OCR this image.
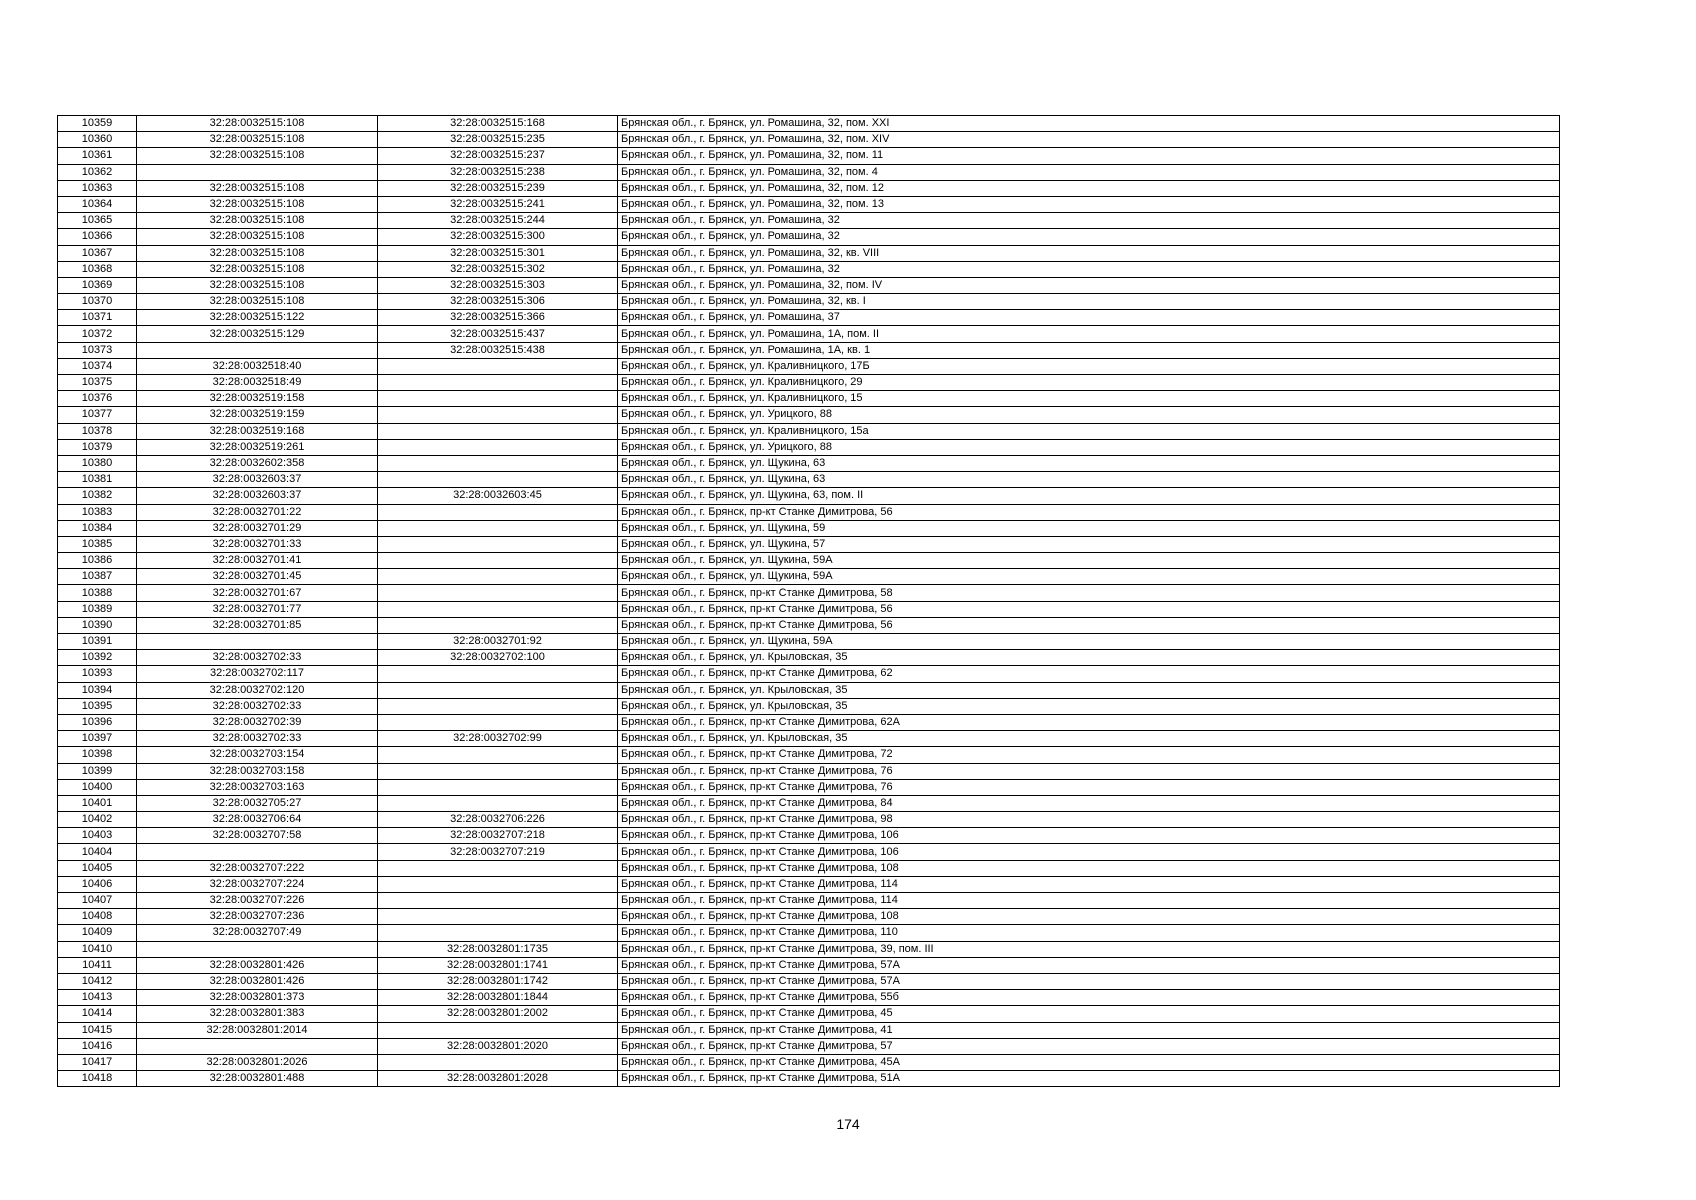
10359	32:28:0032515:108	32:28:0032515:168	Брянская обл., г. Брянск, ул. Ромашина, 32, пом. XXI
10360	32:28:0032515:108	32:28:0032515:235	Брянская обл., г. Брянск, ул. Ромашина, 32, пом. XIV
10361	32:28:0032515:108	32:28:0032515:237	Брянская обл., г. Брянск, ул. Ромашина, 32, пом. 11
10362		32:28:0032515:238	Брянская обл., г. Брянск, ул. Ромашина, 32, пом. 4
10363	32:28:0032515:108	32:28:0032515:239	Брянская обл., г. Брянск, ул. Ромашина, 32, пом. 12
10364	32:28:0032515:108	32:28:0032515:241	Брянская обл., г. Брянск, ул. Ромашина, 32, пом. 13
10365	32:28:0032515:108	32:28:0032515:244	Брянская обл., г. Брянск, ул. Ромашина, 32
10366	32:28:0032515:108	32:28:0032515:300	Брянская обл., г. Брянск, ул. Ромашина, 32
10367	32:28:0032515:108	32:28:0032515:301	Брянская обл., г. Брянск, ул. Ромашина, 32, кв. VIII
10368	32:28:0032515:108	32:28:0032515:302	Брянская обл., г. Брянск, ул. Ромашина, 32
10369	32:28:0032515:108	32:28:0032515:303	Брянская обл., г. Брянск, ул. Ромашина, 32, пом. IV
10370	32:28:0032515:108	32:28:0032515:306	Брянская обл., г. Брянск, ул. Ромашина, 32, кв. I
10371	32:28:0032515:122	32:28:0032515:366	Брянская обл., г. Брянск, ул. Ромашина, 37
10372	32:28:0032515:129	32:28:0032515:437	Брянская обл., г. Брянск, ул. Ромашина, 1А, пом. II
10373		32:28:0032515:438	Брянская обл., г. Брянск, ул. Ромашина, 1А, кв. 1
10374	32:28:0032518:40		Брянская обл., г. Брянск, ул. Краливницкого, 17Б
10375	32:28:0032518:49		Брянская обл., г. Брянск, ул. Краливницкого, 29
10376	32:28:0032519:158		Брянская обл., г. Брянск, ул. Краливницкого, 15
10377	32:28:0032519:159		Брянская обл., г. Брянск, ул. Урицкого, 88
10378	32:28:0032519:168		Брянская обл., г. Брянск, ул. Краливницкого, 15а
10379	32:28:0032519:261		Брянская обл., г. Брянск, ул. Урицкого, 88
10380	32:28:0032602:358		Брянская обл., г. Брянск, ул. Щукина, 63
10381	32:28:0032603:37		Брянская обл., г. Брянск, ул. Щукина, 63
10382	32:28:0032603:37	32:28:0032603:45	Брянская обл., г. Брянск, ул. Щукина, 63, пом. II
10383	32:28:0032701:22		Брянская обл., г. Брянск, пр-кт Станке Димитрова, 56
10384	32:28:0032701:29		Брянская обл., г. Брянск, ул. Щукина, 59
10385	32:28:0032701:33		Брянская обл., г. Брянск, ул. Щукина, 57
10386	32:28:0032701:41		Брянская обл., г. Брянск, ул. Щукина, 59А
10387	32:28:0032701:45		Брянская обл., г. Брянск, ул. Щукина, 59А
10388	32:28:0032701:67		Брянская обл., г. Брянск, пр-кт Станке Димитрова, 58
10389	32:28:0032701:77		Брянская обл., г. Брянск, пр-кт Станке Димитрова, 56
10390	32:28:0032701:85		Брянская обл., г. Брянск, пр-кт Станке Димитрова, 56
10391		32:28:0032701:92	Брянская обл., г. Брянск, ул. Щукина, 59А
10392	32:28:0032702:33	32:28:0032702:100	Брянская обл., г. Брянск, ул. Крыловская, 35
10393	32:28:0032702:117		Брянская обл., г. Брянск, пр-кт Станке Димитрова, 62
10394	32:28:0032702:120		Брянская обл., г. Брянск, ул. Крыловская, 35
10395	32:28:0032702:33		Брянская обл., г. Брянск, ул. Крыловская, 35
10396	32:28:0032702:39		Брянская обл., г. Брянск, пр-кт Станке Димитрова, 62А
10397	32:28:0032702:33	32:28:0032702:99	Брянская обл., г. Брянск, ул. Крыловская, 35
10398	32:28:0032703:154		Брянская обл., г. Брянск, пр-кт Станке Димитрова, 72
10399	32:28:0032703:158		Брянская обл., г. Брянск, пр-кт Станке Димитрова, 76
10400	32:28:0032703:163		Брянская обл., г. Брянск, пр-кт Станке Димитрова, 76
10401	32:28:0032705:27		Брянская обл., г. Брянск, пр-кт Станке Димитрова, 84
10402	32:28:0032706:64	32:28:0032706:226	Брянская обл., г. Брянск, пр-кт Станке Димитрова, 98
10403	32:28:0032707:58	32:28:0032707:218	Брянская обл., г. Брянск, пр-кт Станке Димитрова, 106
10404		32:28:0032707:219	Брянская обл., г. Брянск, пр-кт Станке Димитрова, 106
10405	32:28:0032707:222		Брянская обл., г. Брянск, пр-кт Станке Димитрова, 108
10406	32:28:0032707:224		Брянская обл., г. Брянск, пр-кт Станке Димитрова, 114
10407	32:28:0032707:226		Брянская обл., г. Брянск, пр-кт Станке Димитрова, 114
10408	32:28:0032707:236		Брянская обл., г. Брянск, пр-кт Станке Димитрова, 108
10409	32:28:0032707:49		Брянская обл., г. Брянск, пр-кт Станке Димитрова, 110
10410		32:28:0032801:1735	Брянская обл., г. Брянск, пр-кт Станке Димитрова, 39, пом. III
10411	32:28:0032801:426	32:28:0032801:1741	Брянская обл., г. Брянск, пр-кт Станке Димитрова, 57А
10412	32:28:0032801:426	32:28:0032801:1742	Брянская обл., г. Брянск, пр-кт Станке Димитрова, 57А
10413	32:28:0032801:373	32:28:0032801:1844	Брянская обл., г. Брянск, пр-кт Станке Димитрова, 55б
10414	32:28:0032801:383	32:28:0032801:2002	Брянская обл., г. Брянск, пр-кт Станке Димитрова, 45
10415	32:28:0032801:2014		Брянская обл., г. Брянск, пр-кт Станке Димитрова, 41
10416		32:28:0032801:2020	Брянская обл., г. Брянск, пр-кт Станке Димитрова, 57
10417	32:28:0032801:2026		Брянская обл., г. Брянск, пр-кт Станке Димитрова, 45А
10418	32:28:0032801:488	32:28:0032801:2028	Брянская обл., г. Брянск, пр-кт Станке Димитрова, 51А
174
